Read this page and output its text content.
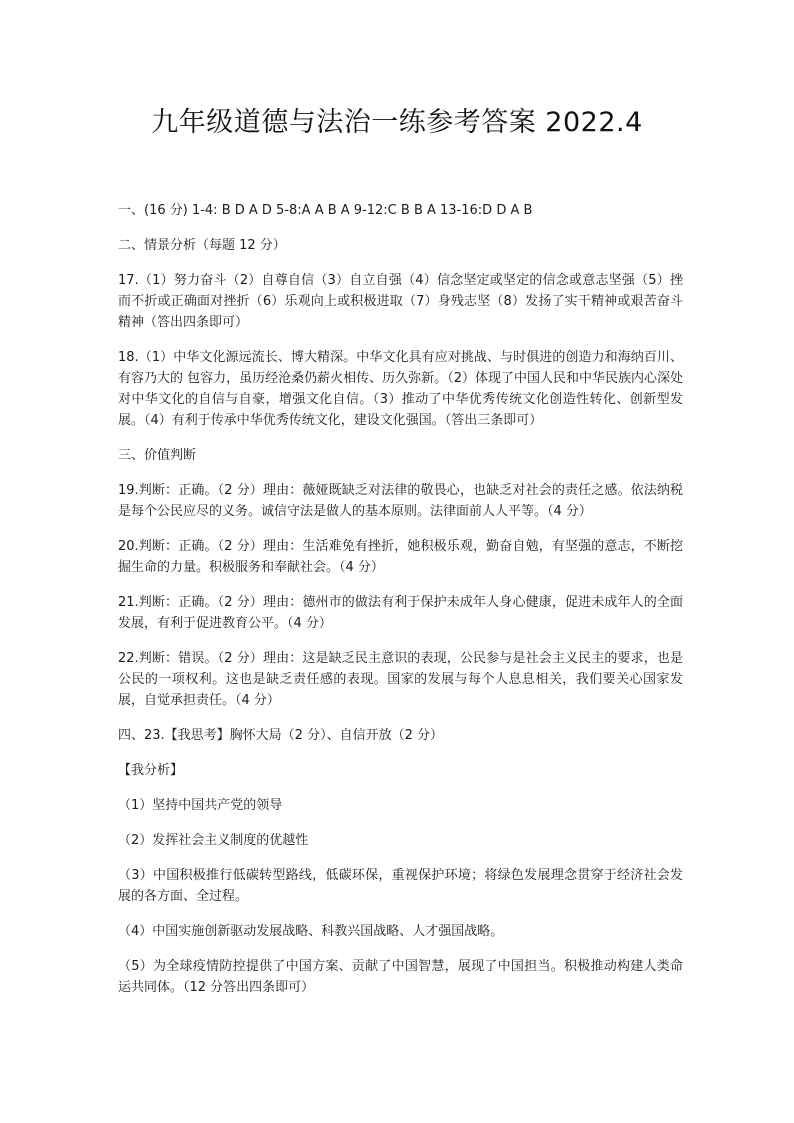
九年级道德与法治一练参考答案 2022.4

一、(16 分) 1-4: B D A D 5-8:A A B A 9-12:C B B A 13-16:D D A B

二、情景分析（每题 12 分）

17.（1）努力奋斗（2）自尊自信（3）自立自强（4）信念坚定或坚定的信念或意志坚强（5）挫而不折或正确面对挫折（6）乐观向上或积极进取（7）身残志坚（8）发扬了实干精神或艰苦奋斗精神（答出四条即可）

18.（1）中华文化源远流长、博大精深。中华文化具有应对挑战、与时俱进的创造力和海纳百川、有容乃大的 包容力，虽历经沧桑仍薪火相传、历久弥新。（2）体现了中国人民和中华民族内心深处对中华文化的自信与自豪，增强文化自信。（3）推动了中华优秀传统文化创造性转化、创新型发展。（4）有利于传承中华优秀传统文化，建设文化强国。（答出三条即可）

三、价值判断

19.判断：正确。（2 分）理由：薇娅既缺乏对法律的敬畏心，也缺乏对社会的责任之感。依法纳税是每个公民应尽的义务。诚信守法是做人的基本原则。法律面前人人平等。（4 分）

20.判断：正确。（2 分）理由：生活难免有挫折，她积极乐观，勤奋自勉，有坚强的意志，不断挖掘生命的力量。积极服务和奉献社会。（4 分）

21.判断：正确。（2 分）理由：德州市的做法有利于保护未成年人身心健康，促进未成年人的全面发展，有利于促进教育公平。（4 分）

22.判断：错误。（2 分）理由：这是缺乏民主意识的表现，公民参与是社会主义民主的要求，也是公民的一项权利。这也是缺乏责任感的表现。国家的发展与每个人息息相关，我们要关心国家发展，自觉承担责任。（4 分）

四、23.【我思考】胸怀大局（2 分）、自信开放（2 分）

【我分析】

（1）坚持中国共产党的领导

（2）发挥社会主义制度的优越性

（3）中国积极推行低碳转型路线，低碳环保，重视保护环境；将绿色发展理念贯穿于经济社会发展的各方面、全过程。

（4）中国实施创新驱动发展战略、科教兴国战略、人才强国战略。

（5）为全球疫情防控提供了中国方案、贡献了中国智慧，展现了中国担当。积极推动构建人类命运共同体。（12 分答出四条即可）
